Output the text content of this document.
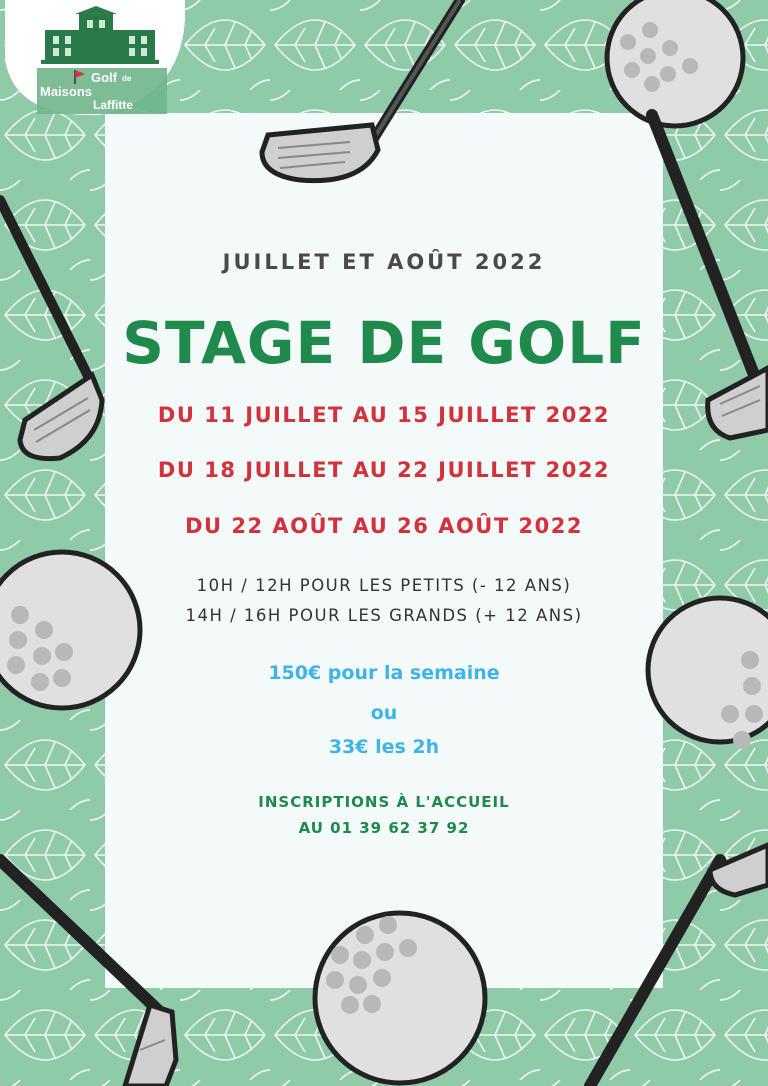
Golf de
Maisons
Laffitte

JUILLET ET AOÛT 2022

STAGE DE GOLF

DU 11 JUILLET AU 15 JUILLET 2022

DU 18 JUILLET AU 22 JUILLET 2022

DU 22 AOÛT AU 26 AOÛT 2022

10H / 12H POUR LES PETITS (- 12 ANS)

14H / 16H POUR LES GRANDS (+ 12 ANS)

150€ pour la semaine

ou

33€ les 2h

INSCRIPTIONS À L'ACCUEIL

AU 01 39 62 37 92
